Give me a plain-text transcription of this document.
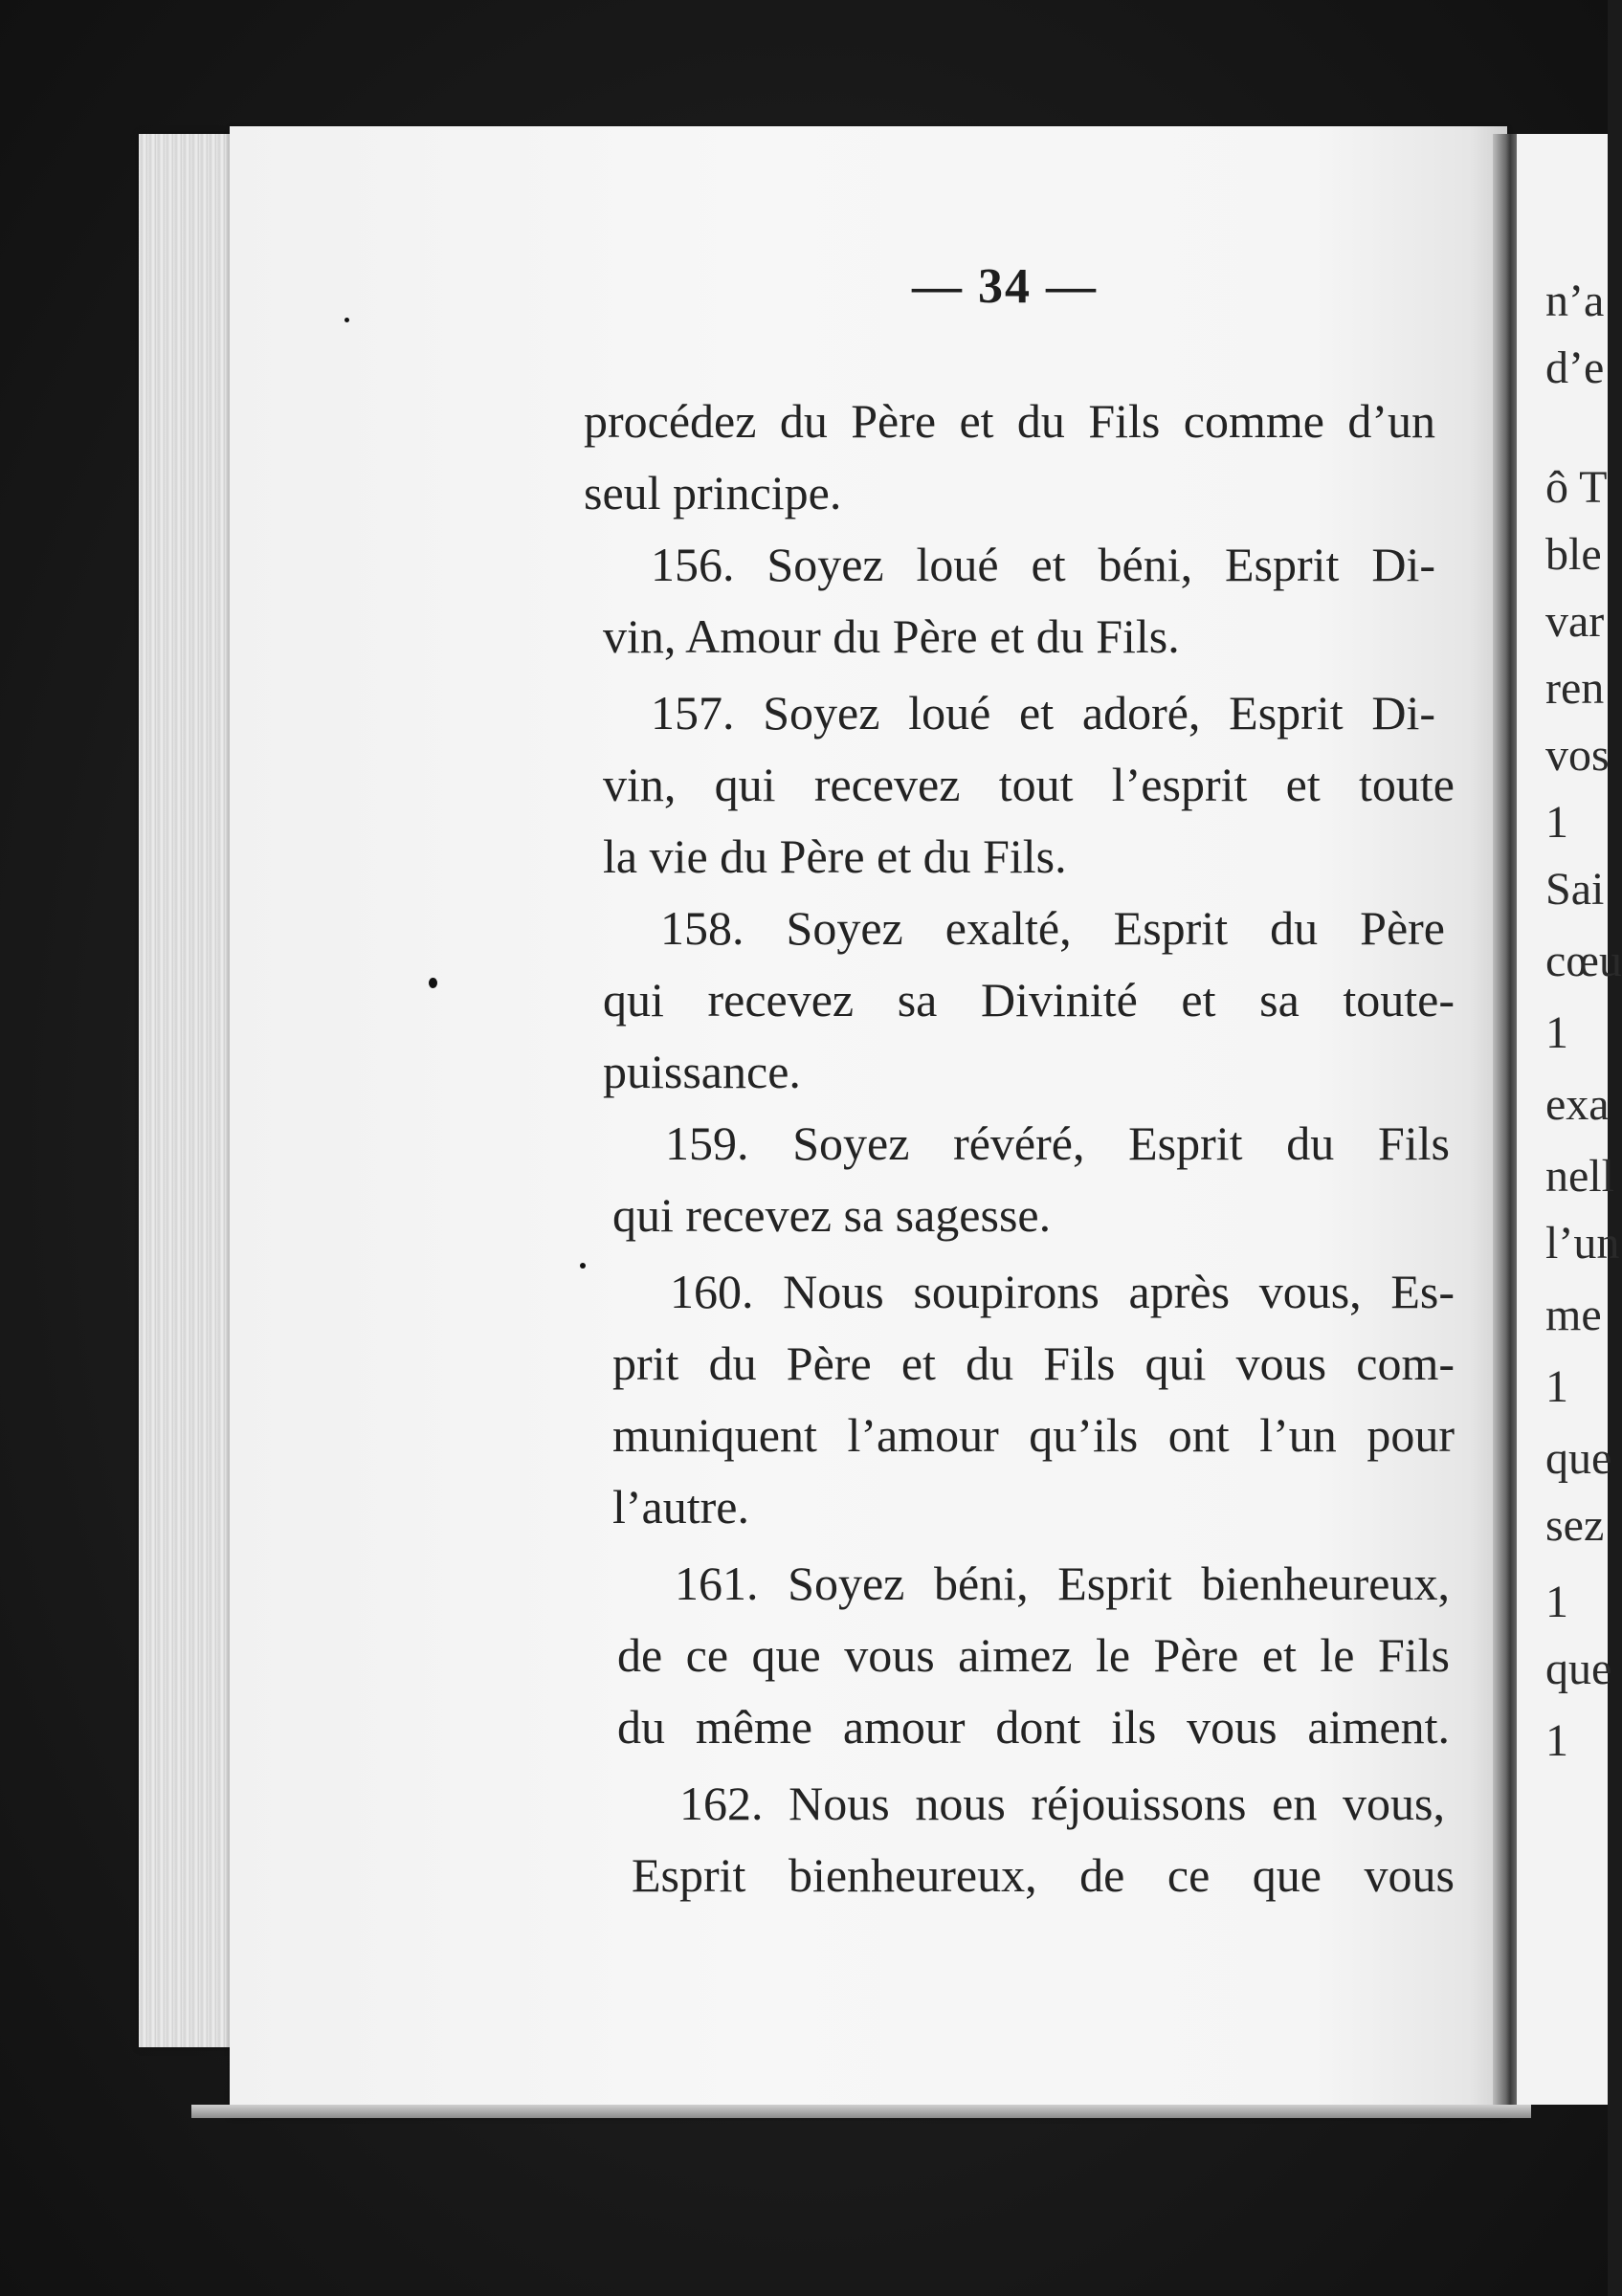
n’a
d’e
ô T
ble
var
ren
vos
1
Sai
cœu
1
exa
nell
l’un
me
1
que
sez
1
que
1
— 34 —
procédez du Père et du Fils comme d’un
seul principe.
156. Soyez loué et béni, Esprit Di-
vin, Amour du Père et du Fils.
157. Soyez loué et adoré, Esprit Di-
vin, qui recevez tout l’esprit et toute
la vie du Père et du Fils.
158. Soyez exalté, Esprit du Père
qui recevez sa Divinité et sa toute-
puissance.
159. Soyez révéré, Esprit du Fils
qui recevez sa sagesse.
160. Nous soupirons après vous, Es-
prit du Père et du Fils qui vous com-
muniquent l’amour qu’ils ont l’un pour
l’autre.
161. Soyez béni, Esprit bienheureux,
de ce que vous aimez le Père et le Fils
du même amour dont ils vous aiment.
162. Nous nous réjouissons en vous,
Esprit bienheureux, de ce que vous
